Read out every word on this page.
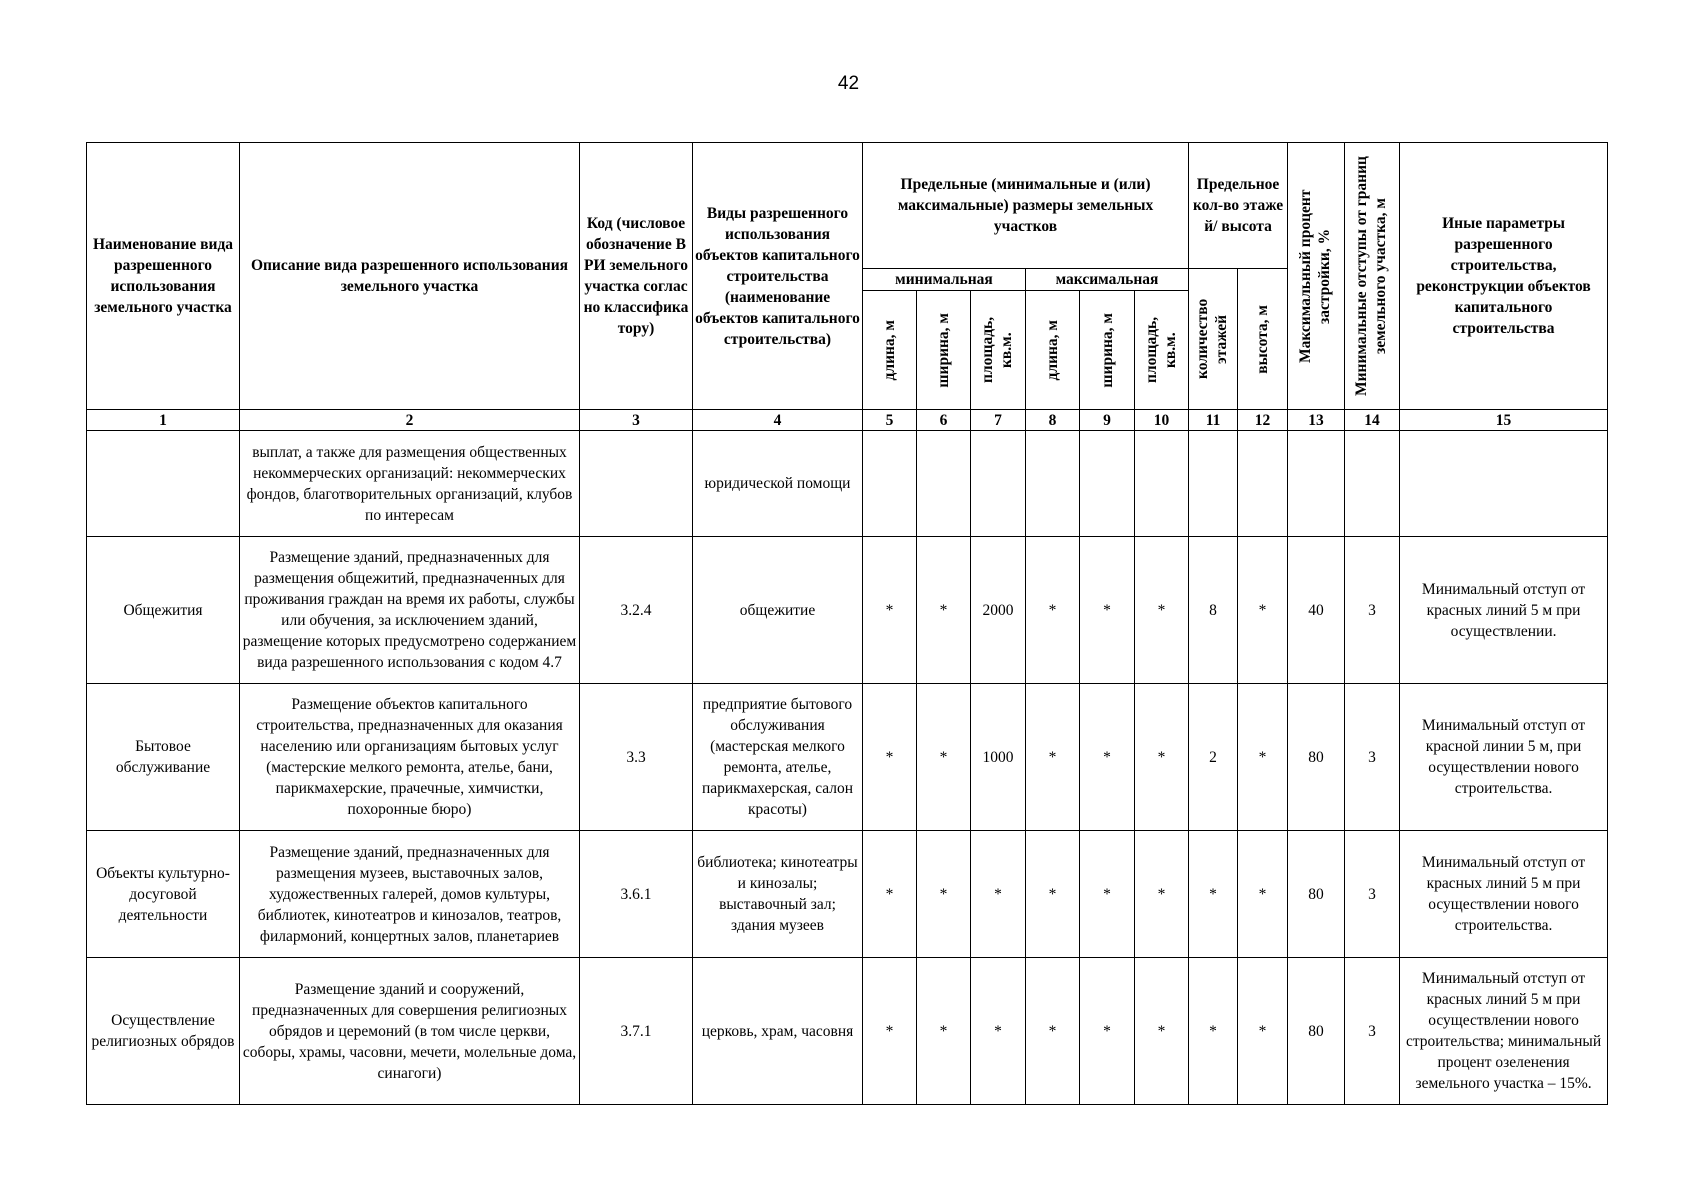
42
Наименование вида разрешенного использования земельного участка	Описание вида разрешенного использования земельного участка	Код (числовое обозначение ВРИ земельного участка согласно классификатору)	Виды разрешенного использования объектов капитального строительства (наименование объектов капитального строительства)	Предельные (минимальные и (или) максимальные) размеры земельных участков						Предельное кол-во этажей/ высота		Максимальный процент застройки, %	Минимальные отступы от границ земельного участка, м	Иные параметры разрешенного строительства, реконструкции объектов капитального строительства
				минимальная			максимальная			количество этажей	высота, м			

				длина, м	ширина, м	площадь, кв.м.	длина, м	ширина, м	площадь, кв.м.					

1	2	3	4	5	6	7	8	9	10	11	12	13	14	15
	выплат, а также для размещения общественных некоммерческих организаций: некоммерческих фондов, благотворительных организаций, клубов по интересам		юридической помощи											
Общежития	Размещение зданий, предназначенных для размещения общежитий, предназначенных для проживания граждан на время их работы, службы или обучения, за исключением зданий, размещение которых предусмотрено содержанием вида разрешенного использования с кодом 4.7	3.2.4	общежитие	*	*	2000	*	*	*	8	*	40	3	Минимальный отступ от красных линий 5 м при осуществлении.
Бытовое обслуживание	Размещение объектов капитального строительства, предназначенных для оказания населению или организациям бытовых услуг (мастерские мелкого ремонта, ателье, бани, парикмахерские, прачечные, химчистки, похоронные бюро)	3.3	предприятие бытового обслуживания (мастерская мелкого ремонта, ателье, парикмахерская, салон красоты)	*	*	1000	*	*	*	2	*	80	3	Минимальный отступ от красной линии 5 м, при осуществлении нового строительства.
Объекты культурно-досуговой деятельности	Размещение зданий, предназначенных для размещения музеев, выставочных залов, художественных галерей, домов культуры, библиотек, кинотеатров и кинозалов, театров, филармоний, концертных залов, планетариев	3.6.1	библиотека; кинотеатры и кинозалы; выставочный зал; здания музеев	*	*	*	*	*	*	*	*	80	3	Минимальный отступ от красных линий 5 м при осуществлении нового строительства.
Осуществление религиозных обрядов	Размещение зданий и сооружений, предназначенных для совершения религиозных обрядов и церемоний (в том числе церкви, соборы, храмы, часовни, мечети, молельные дома, синагоги)	3.7.1	церковь, храм, часовня	*	*	*	*	*	*	*	*	80	3	Минимальный отступ от красных линий 5 м при осуществлении нового строительства; минимальный процент озеленения земельного участка – 15%.
